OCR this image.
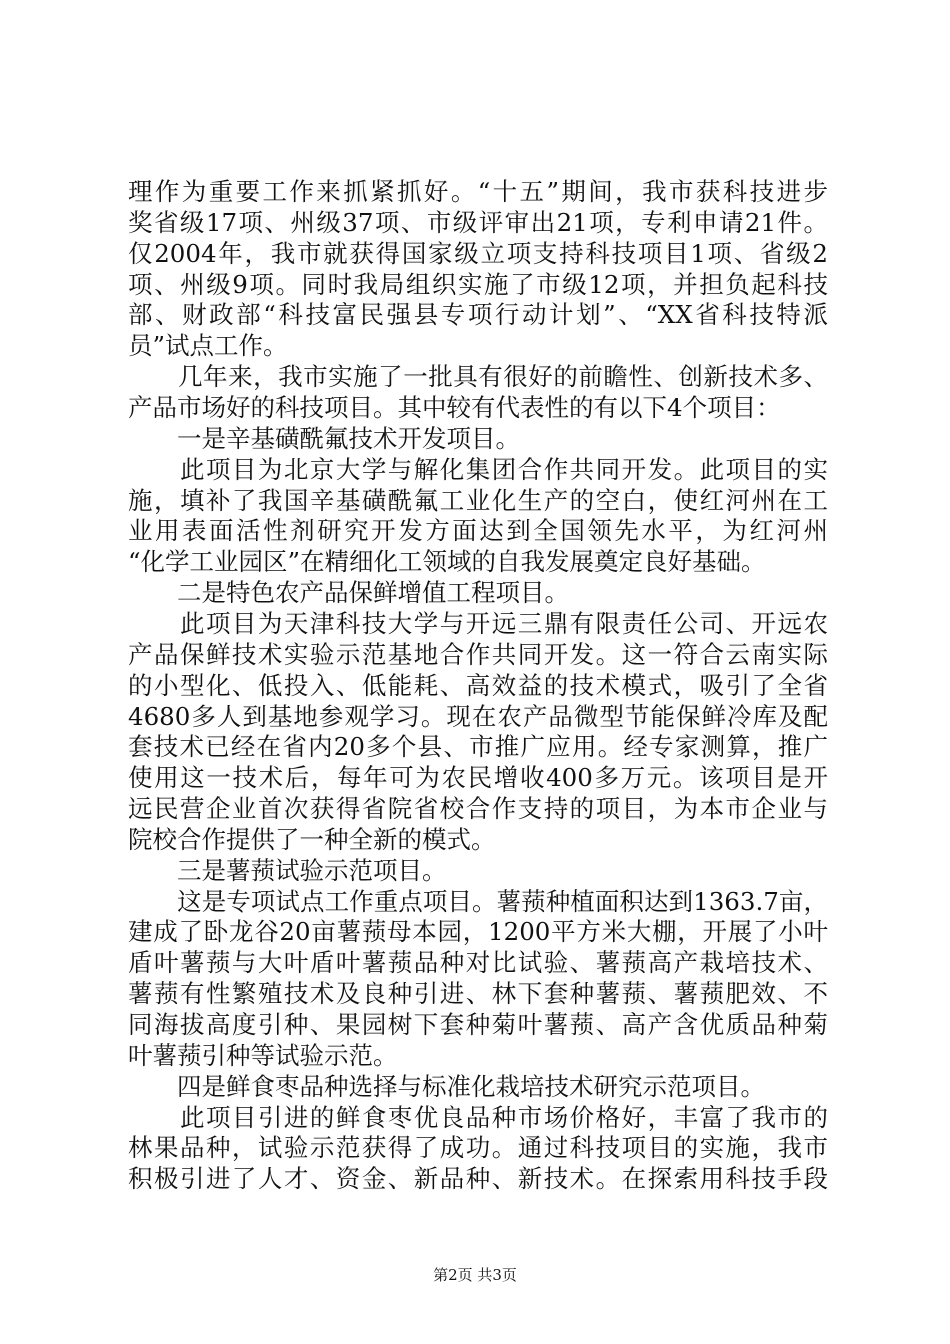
理作为重要工作来抓紧抓好。“十五”期间，我市获科技进步
奖省级17项、州级37项、市级评审出21项，专利申请21件。
仅2004年，我市就获得国家级立项支持科技项目1项、省级2
项、州级9项。同时我局组织实施了市级12项，并担负起科技
部、财政部“科技富民强县专项行动计划”、“XX省科技特派
员”试点工作。
　　几年来，我市实施了一批具有很好的前瞻性、创新技术多、
产品市场好的科技项目。其中较有代表性的有以下4个项目：
　　一是辛基磺酰氟技术开发项目。
　　此项目为北京大学与解化集团合作共同开发。此项目的实
施，填补了我国辛基磺酰氟工业化生产的空白，使红河州在工
业用表面活性剂研究开发方面达到全国领先水平，为红河州
“化学工业园区”在精细化工领域的自我发展奠定良好基础。
　　二是特色农产品保鲜增值工程项目。
　　此项目为天津科技大学与开远三鼎有限责任公司、开远农
产品保鲜技术实验示范基地合作共同开发。这一符合云南实际
的小型化、低投入、低能耗、高效益的技术模式，吸引了全省
4680多人到基地参观学习。现在农产品微型节能保鲜冷库及配
套技术已经在省内20多个县、市推广应用。经专家测算，推广
使用这一技术后，每年可为农民增收400多万元。该项目是开
远民营企业首次获得省院省校合作支持的项目，为本市企业与
院校合作提供了一种全新的模式。
　　三是薯蓣试验示范项目。
　　这是专项试点工作重点项目。薯蓣种植面积达到1363.7亩，
建成了卧龙谷20亩薯蓣母本园，1200平方米大棚，开展了小叶
盾叶薯蓣与大叶盾叶薯蓣品种对比试验、薯蓣高产栽培技术、
薯蓣有性繁殖技术及良种引进、林下套种薯蓣、薯蓣肥效、不
同海拔高度引种、果园树下套种菊叶薯蓣、高产含优质品种菊
叶薯蓣引种等试验示范。
　　四是鲜食枣品种选择与标准化栽培技术研究示范项目。
　　此项目引进的鲜食枣优良品种市场价格好，丰富了我市的
林果品种，试验示范获得了成功。通过科技项目的实施，我市
积极引进了人才、资金、新品种、新技术。在探索用科技手段
第2页 共3页
